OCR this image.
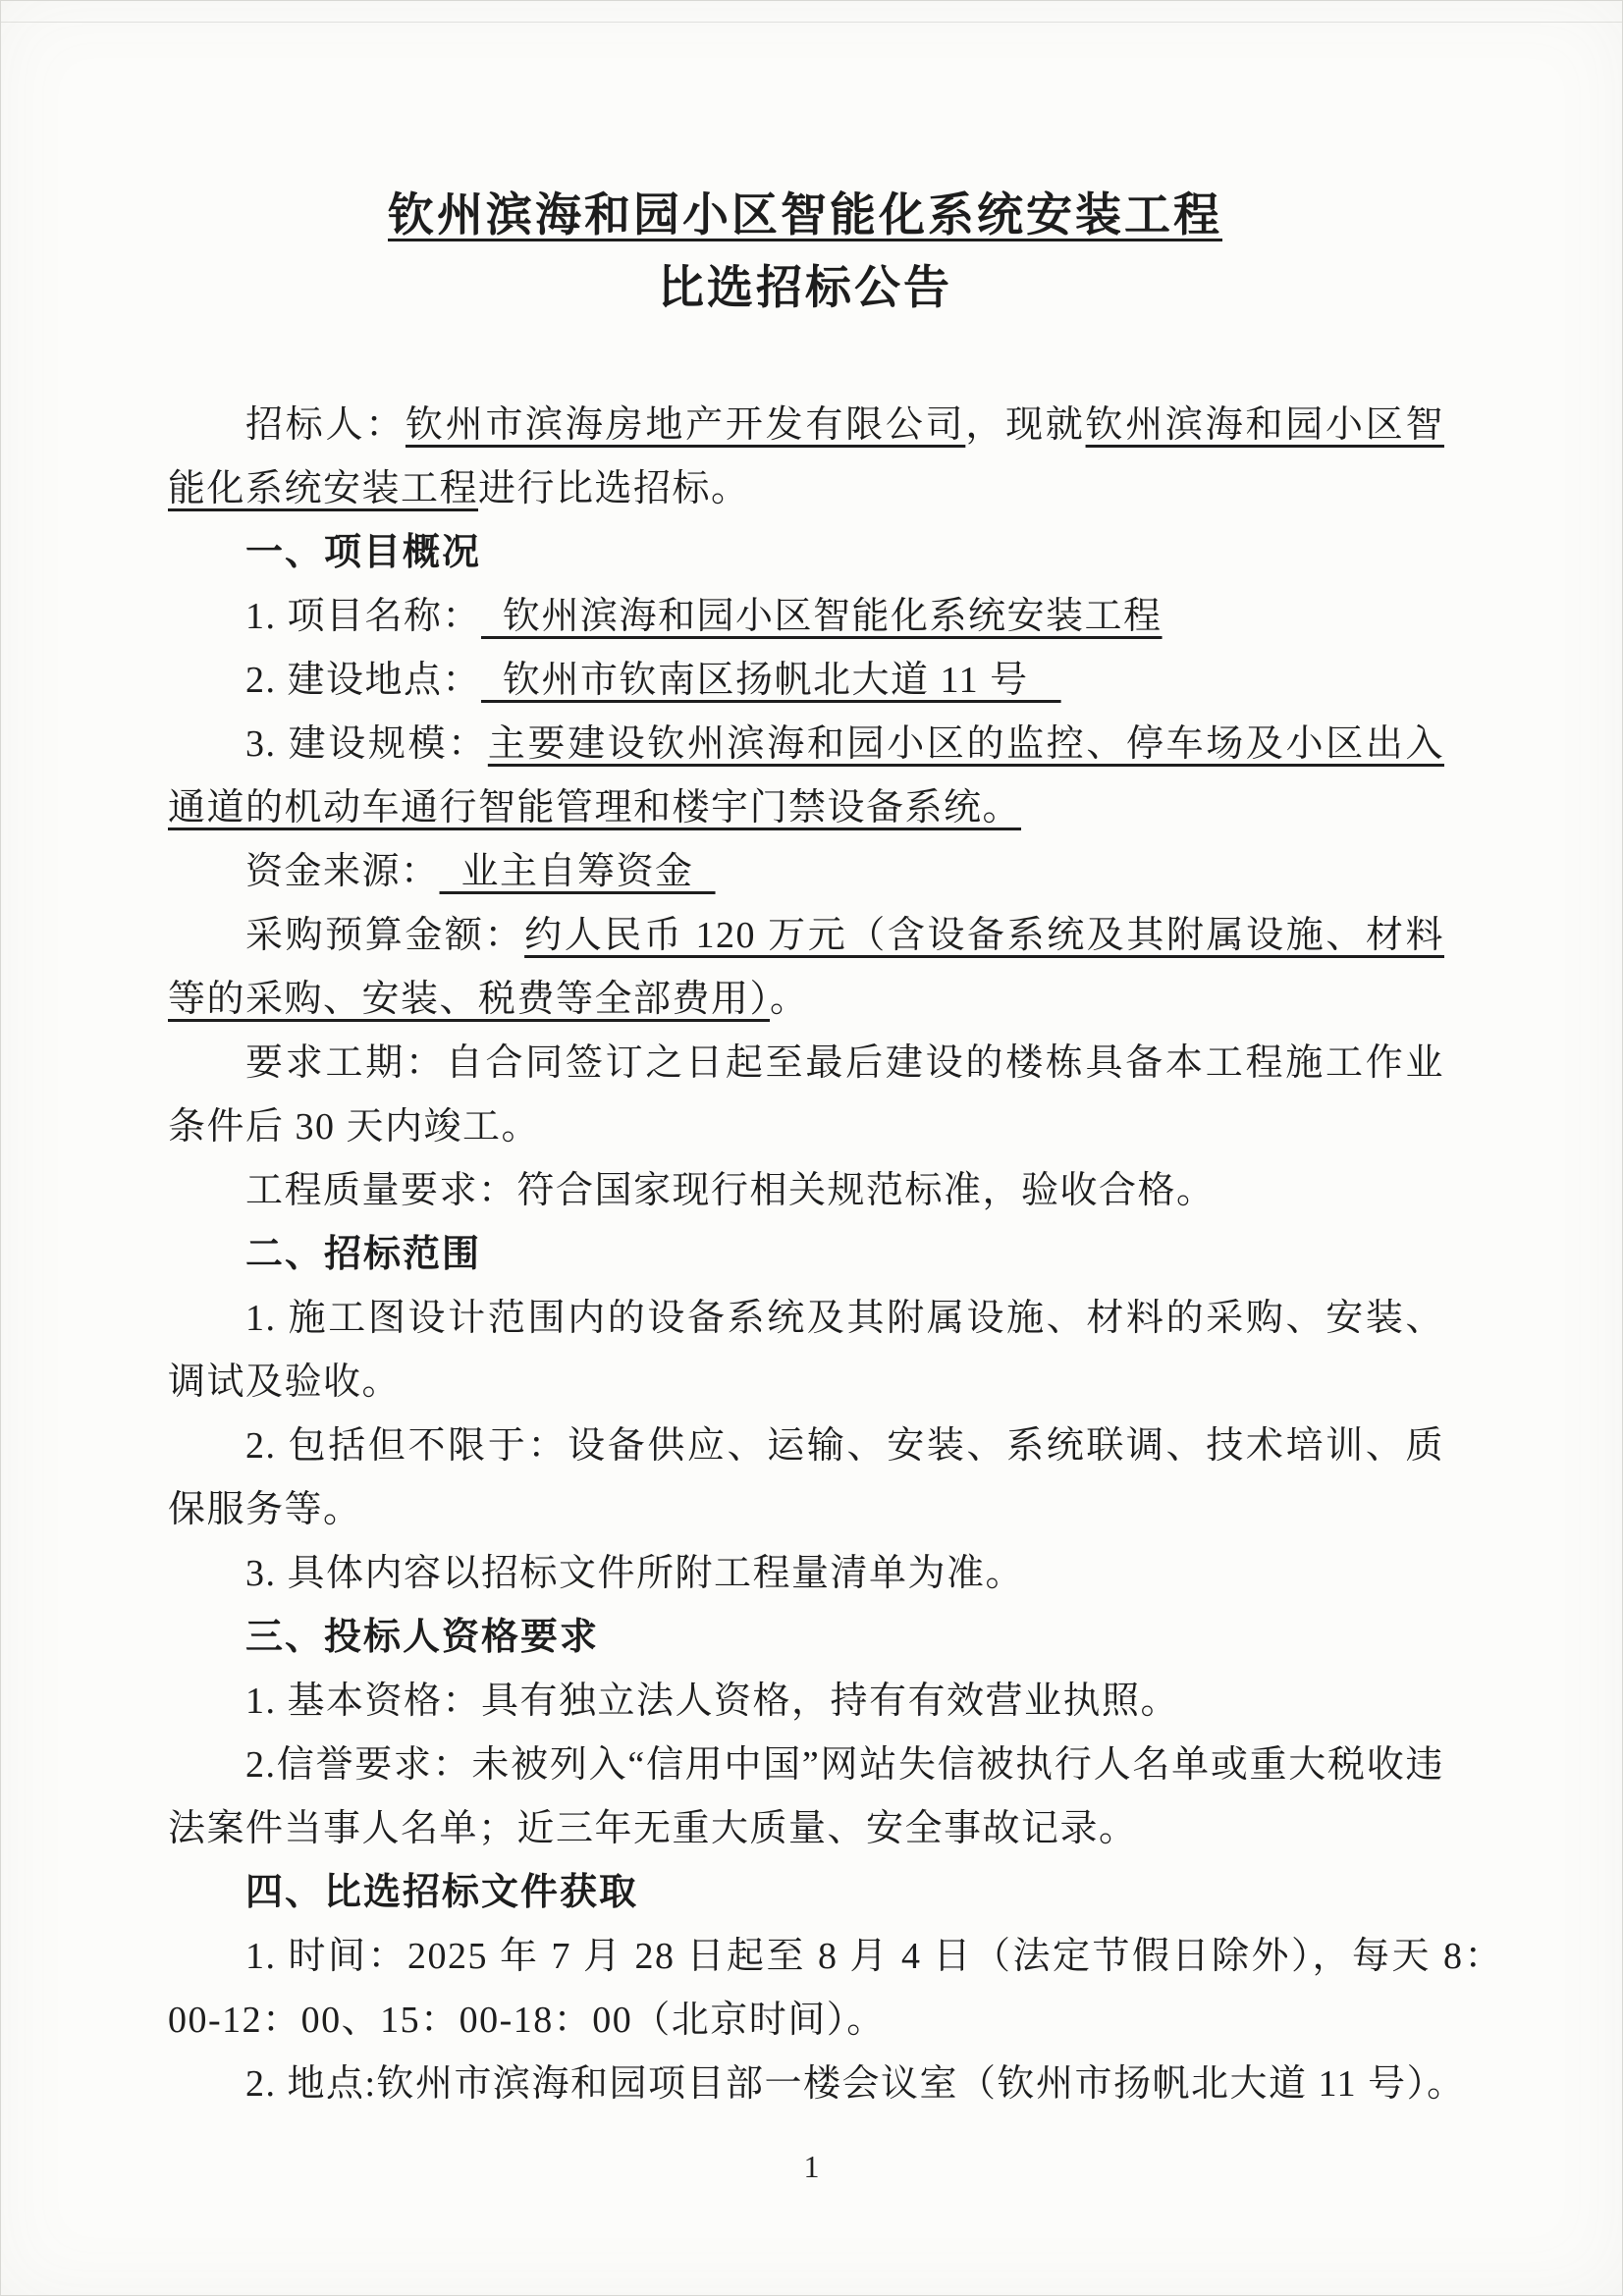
钦州滨海和园小区智能化系统安装工程
比选招标公告

招标人：钦州市滨海房地产开发有限公司，现就钦州滨海和园小区智能化系统安装工程进行比选招标。

一、项目概况

1. 项目名称：  钦州滨海和园小区智能化系统安装工程

2. 建设地点：  钦州市钦南区扬帆北大道 11 号

3. 建设规模：主要建设钦州滨海和园小区的监控、停车场及小区出入通道的机动车通行智能管理和楼宇门禁设备系统。

资金来源：  业主自筹资金

采购预算金额：约人民币 120 万元（含设备系统及其附属设施、材料等的采购、安装、税费等全部费用）。

要求工期：自合同签订之日起至最后建设的楼栋具备本工程施工作业条件后 30 天内竣工。

工程质量要求：符合国家现行相关规范标准，验收合格。

二、招标范围

1. 施工图设计范围内的设备系统及其附属设施、材料的采购、安装、调试及验收。

2. 包括但不限于：设备供应、运输、安装、系统联调、技术培训、质保服务等。

3. 具体内容以招标文件所附工程量清单为准。

三、投标人资格要求

1. 基本资格：具有独立法人资格，持有有效营业执照。

2.信誉要求：未被列入“信用中国”网站失信被执行人名单或重大税收违法案件当事人名单；近三年无重大质量、安全事故记录。

四、比选招标文件获取

1. 时间：2025 年 7 月 28 日起至 8 月 4 日（法定节假日除外），每天 8：00-12：00、15：00-18：00（北京时间）。

2. 地点:钦州市滨海和园项目部一楼会议室（钦州市扬帆北大道 11 号）。

1
